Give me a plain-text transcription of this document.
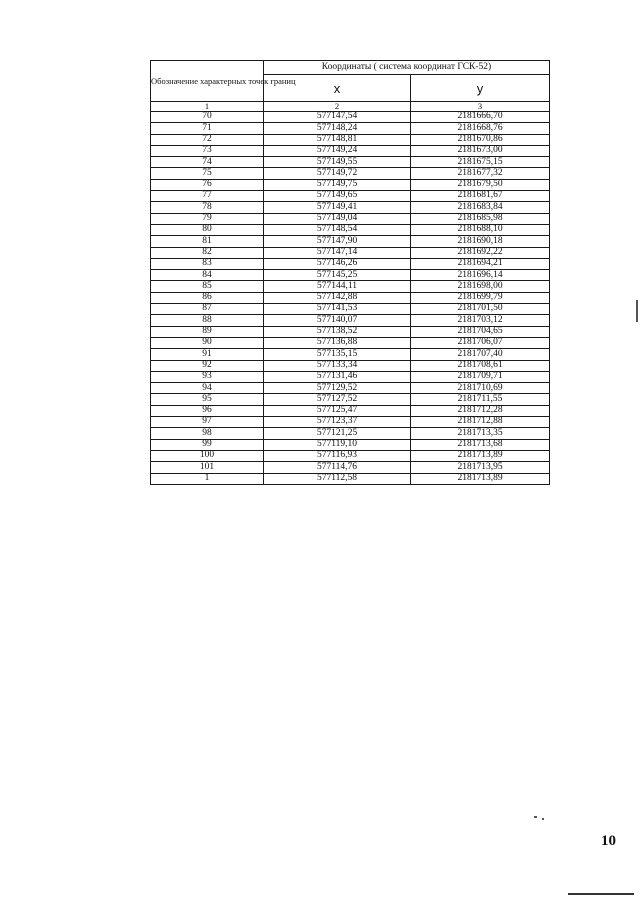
Обозначение характерных точек границ	Координаты ( система координат ГСК-52)	
	x	y
1	2	3
70	577147,54	2181666,70
71	577148,24	2181668,76
72	577148,81	2181670,86
73	577149,24	2181673,00
74	577149,55	2181675,15
75	577149,72	2181677,32
76	577149,75	2181679,50
77	577149,65	2181681,67
78	577149,41	2181683,84
79	577149,04	2181685,98
80	577148,54	2181688,10
81	577147,90	2181690,18
82	577147,14	2181692,22
83	577146,26	2181694,21
84	577145,25	2181696,14
85	577144,11	2181698,00
86	577142,88	2181699,79
87	577141,53	2181701,50
88	577140,07	2181703,12
89	577138,52	2181704,65
90	577136,88	2181706,07
91	577135,15	2181707,40
92	577133,34	2181708,61
93	577131,46	2181709,71
94	577129,52	2181710,69
95	577127,52	2181711,55
96	577125,47	2181712,28
97	577123,37	2181712,88
98	577121,25	2181713,35
99	577119,10	2181713,68
100	577116,93	2181713,89
101	577114,76	2181713,95
1	577112,58	2181713,89
10
